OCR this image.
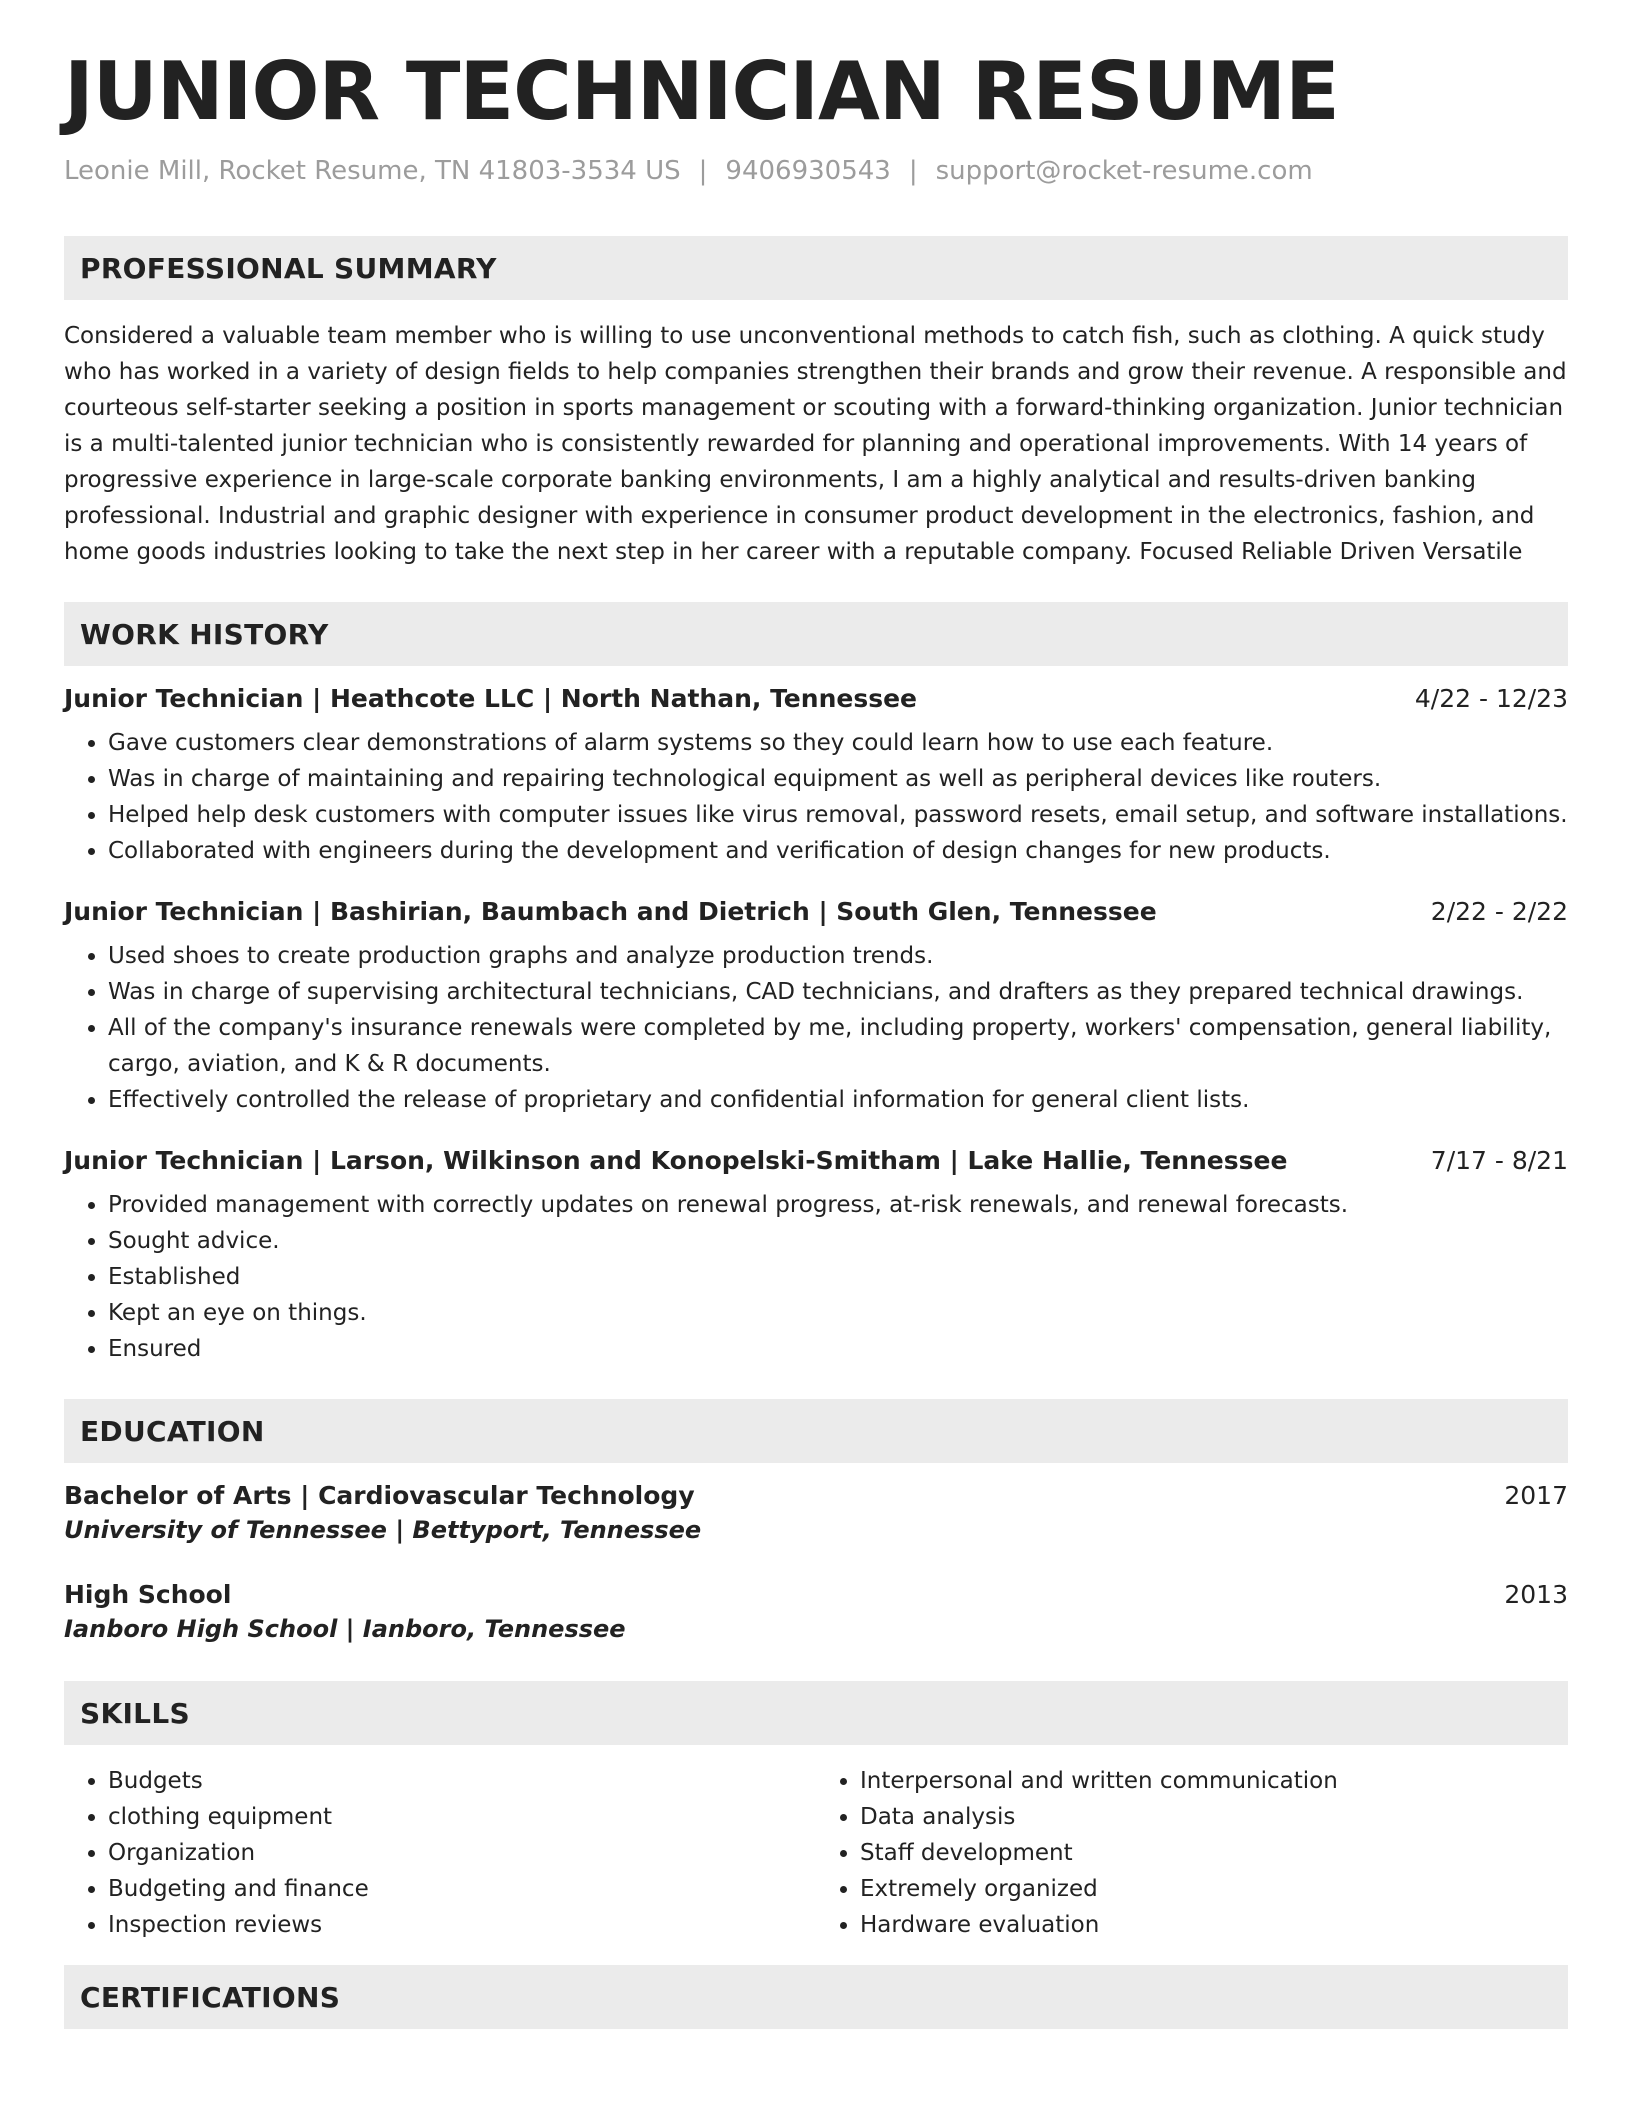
JUNIOR TECHNICIAN RESUME
Leonie Mill, Rocket Resume, TN 41803-3534 US | 9406930543 | support@rocket-resume.com
PROFESSIONAL SUMMARY

Considered a valuable team member who is willing to use unconventional methods to catch fish, such as clothing. A quick study who has worked in a variety of design fields to help companies strengthen their brands and grow their revenue. A responsible and courteous self-starter seeking a position in sports management or scouting with a forward-thinking organization. Junior technician is a multi-talented junior technician who is consistently rewarded for planning and operational improvements. With 14 years of progressive experience in large-scale corporate banking environments, I am a highly analytical and results-driven banking professional. Industrial and graphic designer with experience in consumer product development in the electronics, fashion, and home goods industries looking to take the next step in her career with a reputable company. Focused Reliable Driven Versatile

WORK HISTORY
Junior Technician | Heathcote LLC | North Nathan, Tennessee	4/22 - 12/23
• Gave customers clear demonstrations of alarm systems so they could learn how to use each feature.
• Was in charge of maintaining and repairing technological equipment as well as peripheral devices like routers.
• Helped help desk customers with computer issues like virus removal, password resets, email setup, and software installations.
• Collaborated with engineers during the development and verification of design changes for new products.
Junior Technician | Bashirian, Baumbach and Dietrich | South Glen, Tennessee	2/22 - 2/22
• Used shoes to create production graphs and analyze production trends.
• Was in charge of supervising architectural technicians, CAD technicians, and drafters as they prepared technical drawings.
• All of the company's insurance renewals were completed by me, including property, workers' compensation, general liability, cargo, aviation, and K & R documents.
• Effectively controlled the release of proprietary and confidential information for general client lists.
Junior Technician | Larson, Wilkinson and Konopelski-Smitham | Lake Hallie, Tennessee	7/17 - 8/21
• Provided management with correctly updates on renewal progress, at-risk renewals, and renewal forecasts.
• Sought advice.
• Established
• Kept an eye on things.
• Ensured
EDUCATION
Bachelor of Arts | Cardiovascular Technology	2017
University of Tennessee | Bettyport, Tennessee
High School	2013
Ianboro High School | Ianboro, Tennessee
SKILLS
• Budgets
• clothing equipment
• Organization
• Budgeting and finance
• Inspection reviews
• Interpersonal and written communication
• Data analysis
• Staff development
• Extremely organized
• Hardware evaluation
CERTIFICATIONS
